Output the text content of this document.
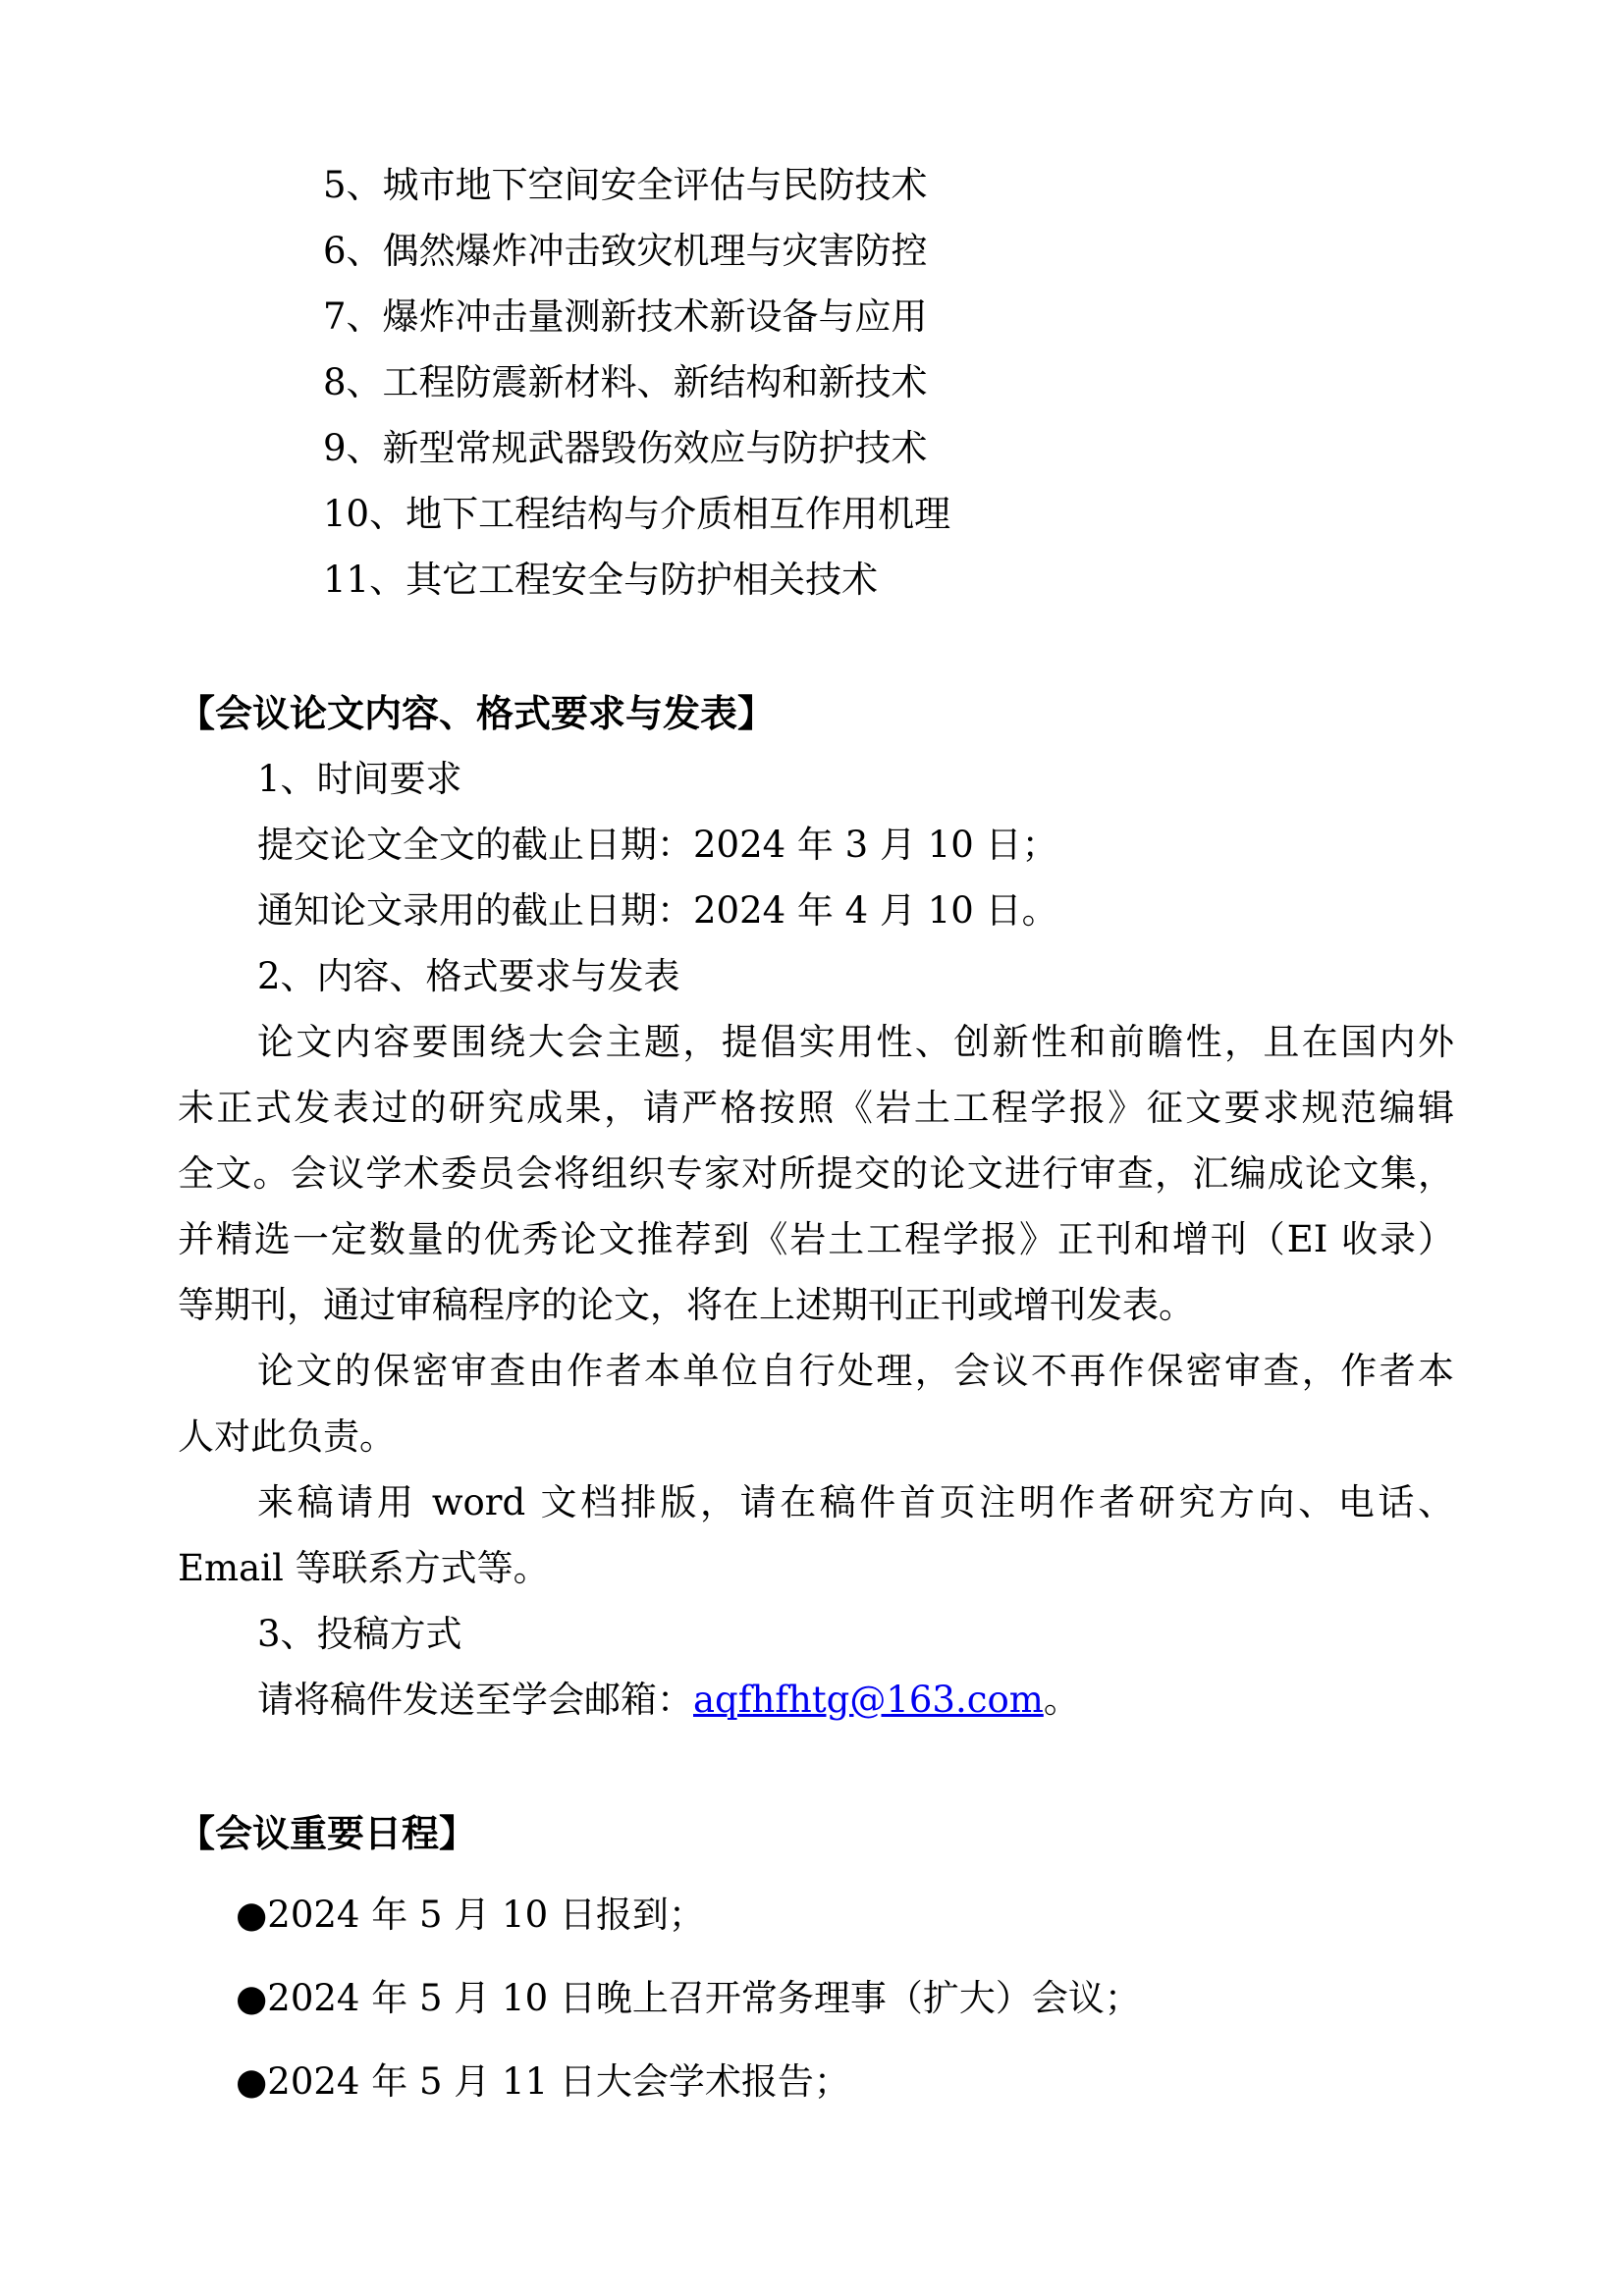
5、城市地下空间安全评估与民防技术
6、偶然爆炸冲击致灾机理与灾害防控
7、爆炸冲击量测新技术新设备与应用
8、工程防震新材料、新结构和新技术
9、新型常规武器毁伤效应与防护技术
10、地下工程结构与介质相互作用机理
11、其它工程安全与防护相关技术
【会议论文内容、格式要求与发表】
1、时间要求
提交论文全文的截止日期：2024 年 3 月 10 日；
通知论文录用的截止日期：2024 年 4 月 10 日。
2、内容、格式要求与发表
论文内容要围绕大会主题，提倡实用性、创新性和前瞻性，且在国内外
未正式发表过的研究成果，请严格按照《岩土工程学报》征文要求规范编辑
全文。会议学术委员会将组织专家对所提交的论文进行审查，汇编成论文集，
并精选一定数量的优秀论文推荐到《岩土工程学报》正刊和增刊（EI 收录）
等期刊，通过审稿程序的论文，将在上述期刊正刊或增刊发表。
论文的保密审查由作者本单位自行处理，会议不再作保密审查，作者本
人对此负责。
来稿请用 word 文档排版，请在稿件首页注明作者研究方向、电话、
Email 等联系方式等。
3、投稿方式
请将稿件发送至学会邮箱：aqfhfhtg@163.com。
【会议重要日程】
●2024 年 5 月 10 日报到；
●2024 年 5 月 10 日晚上召开常务理事（扩大）会议；
●2024 年 5 月 11 日大会学术报告；
